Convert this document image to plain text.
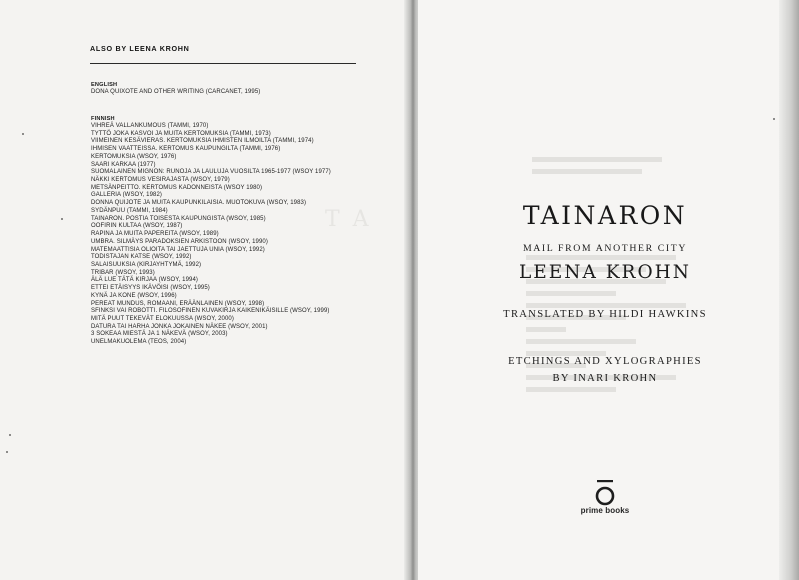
T A
ALSO BY LEENA KROHN
ENGLISH
DONA QUIXOTE AND OTHER WRITING (CARCANET, 1995)
FINNISH
VIHREÄ VALLANKUMOUS (TAMMI, 1970)
TYTTÖ JOKA KASVOI JA MUITA KERTOMUKSIA (TAMMI, 1973)
VIIMEINEN KESÄVIERAS. KERTOMUKSIA IHMISTEN ILMOILTA (TAMMI, 1974)
IHMISEN VAATTEISSA. KERTOMUS KAUPUNGILTA (TAMMI, 1976)
KERTOMUKSIA (WSOY, 1976)
SAARI KARKAA (1977)
SUOMALAINEN MIGNON: RUNOJA JA LAULUJA VUOSILTA 1965-1977 (WSOY 1977)
NÄKKI KERTOMUS VESIRAJASTA (WSOY, 1979)
METSÄNPEITTO. KERTOMUS KADONNEISTA (WSOY 1980)
GALLERIA (WSOY, 1982)
DONNA QUIJOTE JA MUITA KAUPUNKILAISIA. MUOTOKUVA (WSOY, 1983)
SYDÄNPUU (TAMMI, 1984)
TAINARON. POSTIA TOISESTA KAUPUNGISTA (WSOY, 1985)
OOFIRIN KULTAA (WSOY, 1987)
RAPINA JA MUITA PAPEREITA (WSOY, 1989)
UMBRA. SILMÄYS PARADOKSIEN ARKISTOON (WSOY, 1990)
MATEMAATTISIA OLIOITA TAI JAETTUJA UNIA (WSOY, 1992)
TODISTAJAN KATSE (WSOY, 1992)
SALAISUUKSIA (KIRJAYHTYMÄ, 1992)
TRIBAR (WSOY, 1993)
ÄLÄ LUE TÄTÄ KIRJAA (WSOY, 1994)
ETTEI ETÄISYYS IKÄVÖISI (WSOY, 1995)
KYNÄ JA KONE (WSOY, 1996)
PEREAT MUNDUS, ROMAANI, ERÄÄNLAINEN (WSOY, 1998)
SFINKSI VAI ROBOTTI. FILOSOFINEN KUVAKIRJA KAIKENIKÄISILLE (WSOY, 1999)
MITÄ PUUT TEKEVÄT ELOKUUSSA (WSOY, 2000)
DATURA TAI HARHA JONKA JOKAINEN NÄKEE (WSOY, 2001)
3 SOKEAA MIESTÄ JA 1 NÄKEVÄ (WSOY, 2003)
UNELMAKUOLEMA (TEOS, 2004)
TAINARON
MAIL FROM ANOTHER CITY
LEENA KROHN
TRANSLATED BY HILDI HAWKINS
ETCHINGS AND XYLOGRAPHIES
BY INARI KROHN
prime books
